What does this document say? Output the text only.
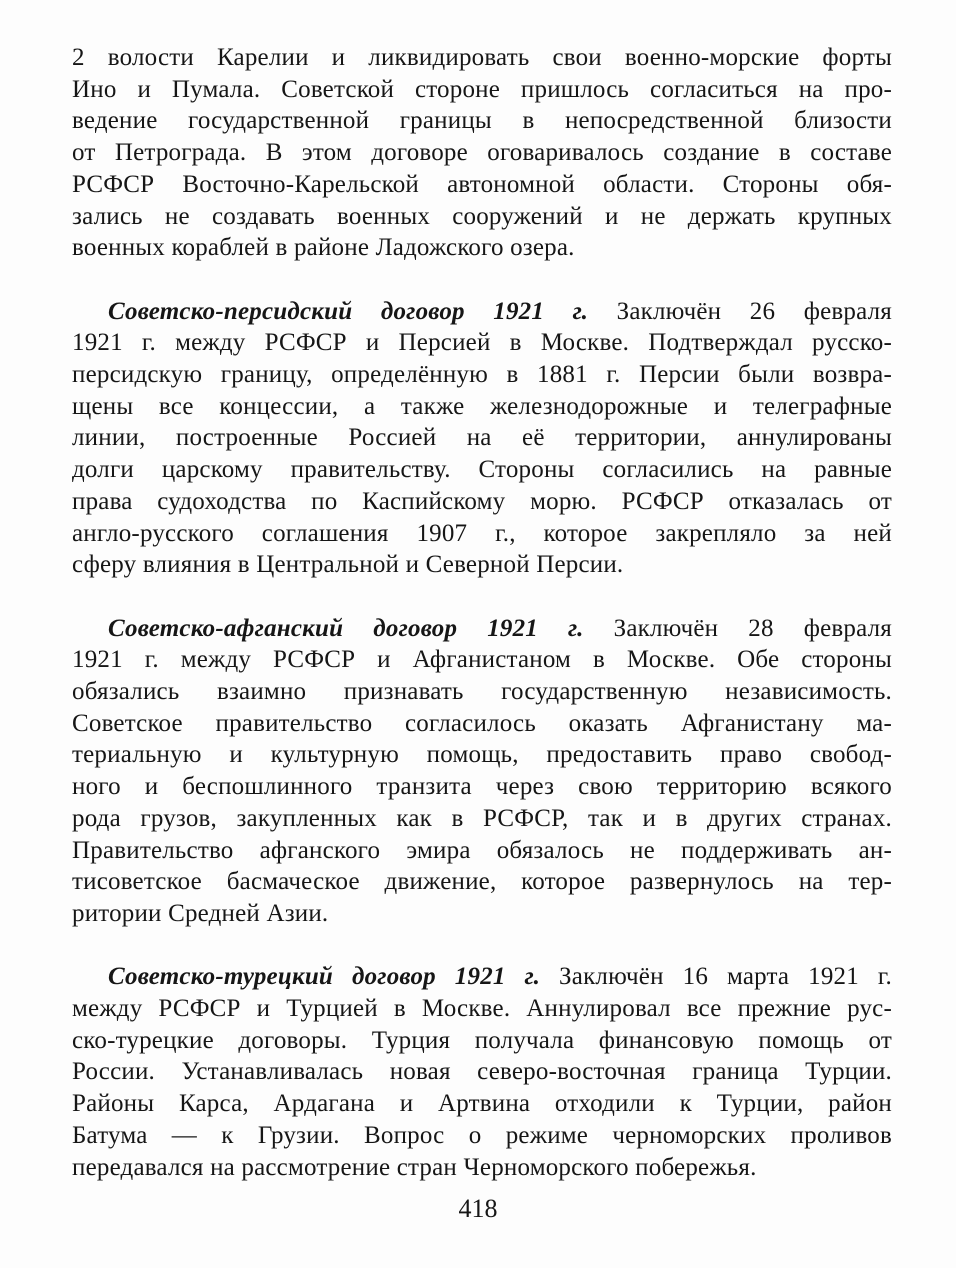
2 волости Карелии и ликвидировать свои военно-морские форты
Ино и Пумала. Советской стороне пришлось согласиться на про-
ведение государственной границы в непосредственной близости
от Петрограда. В этом договоре оговаривалось создание в составе
РСФСР Восточно-Карельской автономной области. Стороны обя-
зались не создавать военных сооружений и не держать крупных
военных кораблей в районе Ладожского озера.
Советско-персидский договор 1921 г. Заключён 26 февраля
1921 г. между РСФСР и Персией в Москве. Подтверждал русско-
персидскую границу, определённую в 1881 г. Персии были возвра-
щены все концессии, а также железнодорожные и телеграфные
линии, построенные Россией на её территории, аннулированы
долги царскому правительству. Стороны согласились на равные
права судоходства по Каспийскому морю. РСФСР отказалась от
англо-русского соглашения 1907 г., которое закрепляло за ней
сферу влияния в Центральной и Северной Персии.
Советско-афганский договор 1921 г. Заключён 28 февраля
1921 г. между РСФСР и Афганистаном в Москве. Обе стороны
обязались взаимно признавать государственную независимость.
Советское правительство согласилось оказать Афганистану ма-
териальную и культурную помощь, предоставить право свобод-
ного и беспошлинного транзита через свою территорию всякого
рода грузов, закупленных как в РСФСР, так и в других странах.
Правительство афганского эмира обязалось не поддерживать ан-
тисоветское басмаческое движение, которое развернулось на тер-
ритории Средней Азии.
Советско-турецкий договор 1921 г. Заключён 16 марта 1921 г.
между РСФСР и Турцией в Москве. Аннулировал все прежние рус-
ско-турецкие договоры. Турция получала финансовую помощь от
России. Устанавливалась новая северо-восточная граница Турции.
Районы Карса, Ардагана и Артвина отходили к Турции, район
Батума — к Грузии. Вопрос о режиме черноморских проливов
передавался на рассмотрение стран Черноморского побережья.
418
